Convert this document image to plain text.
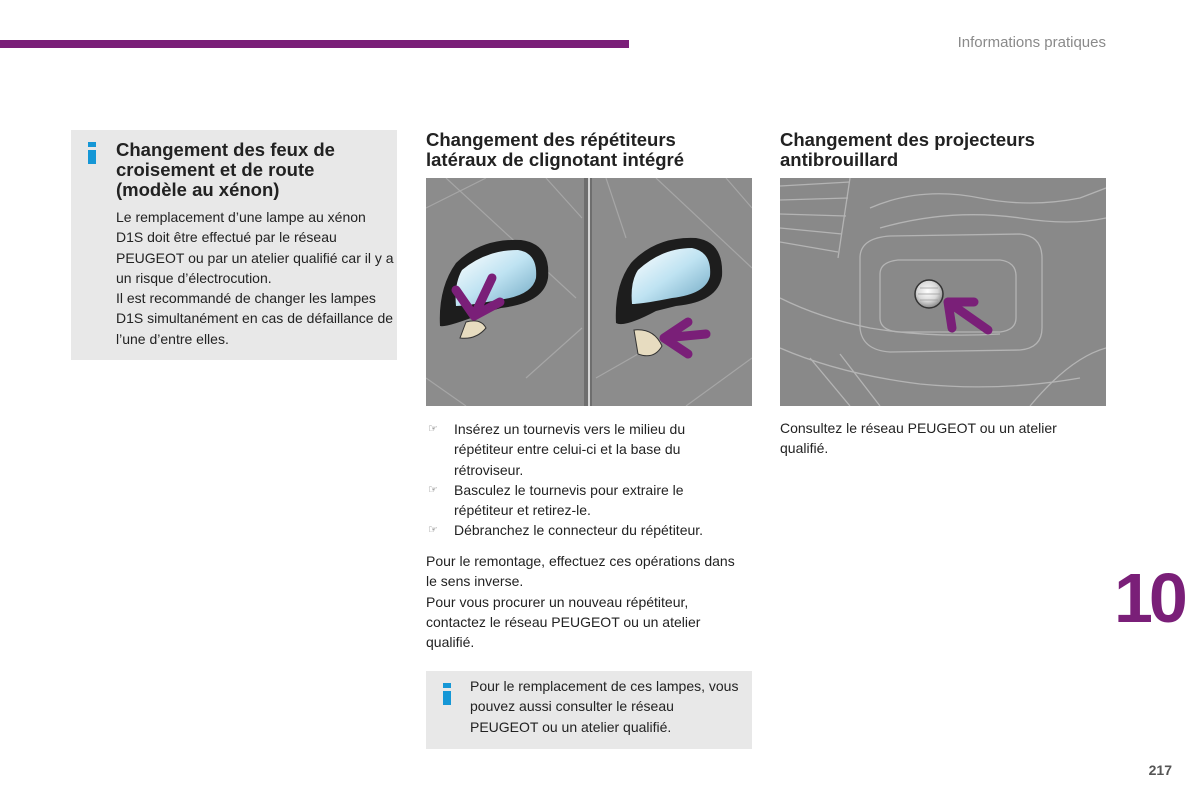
Informations pratiques
Changement des feux de croisement et de route (modèle au xénon)

Le remplacement d’une lampe au xénon D1S doit être effectué par le réseau PEUGEOT ou par un atelier qualifié car il y a un risque d’électrocution.
Il est recommandé de changer les lampes D1S simultanément en cas de défaillance de l’une d’entre elles.

Changement des répétiteurs latéraux de clignotant intégré
☞ Insérez un tournevis vers le milieu du répétiteur entre celui-ci et la base du rétroviseur.
☞ Basculez le tournevis pour extraire le répétiteur et retirez-le.
☞ Débranchez le connecteur du répétiteur.

Pour le remontage, effectuez ces opérations dans le sens inverse.
Pour vous procurer un nouveau répétiteur, contactez le réseau PEUGEOT ou un atelier qualifié.

Pour le remplacement de ces lampes, vous pouvez aussi consulter le réseau PEUGEOT ou un atelier qualifié.

Changement des projecteurs antibrouillard

Consultez le réseau PEUGEOT ou un atelier qualifié.

10
217
